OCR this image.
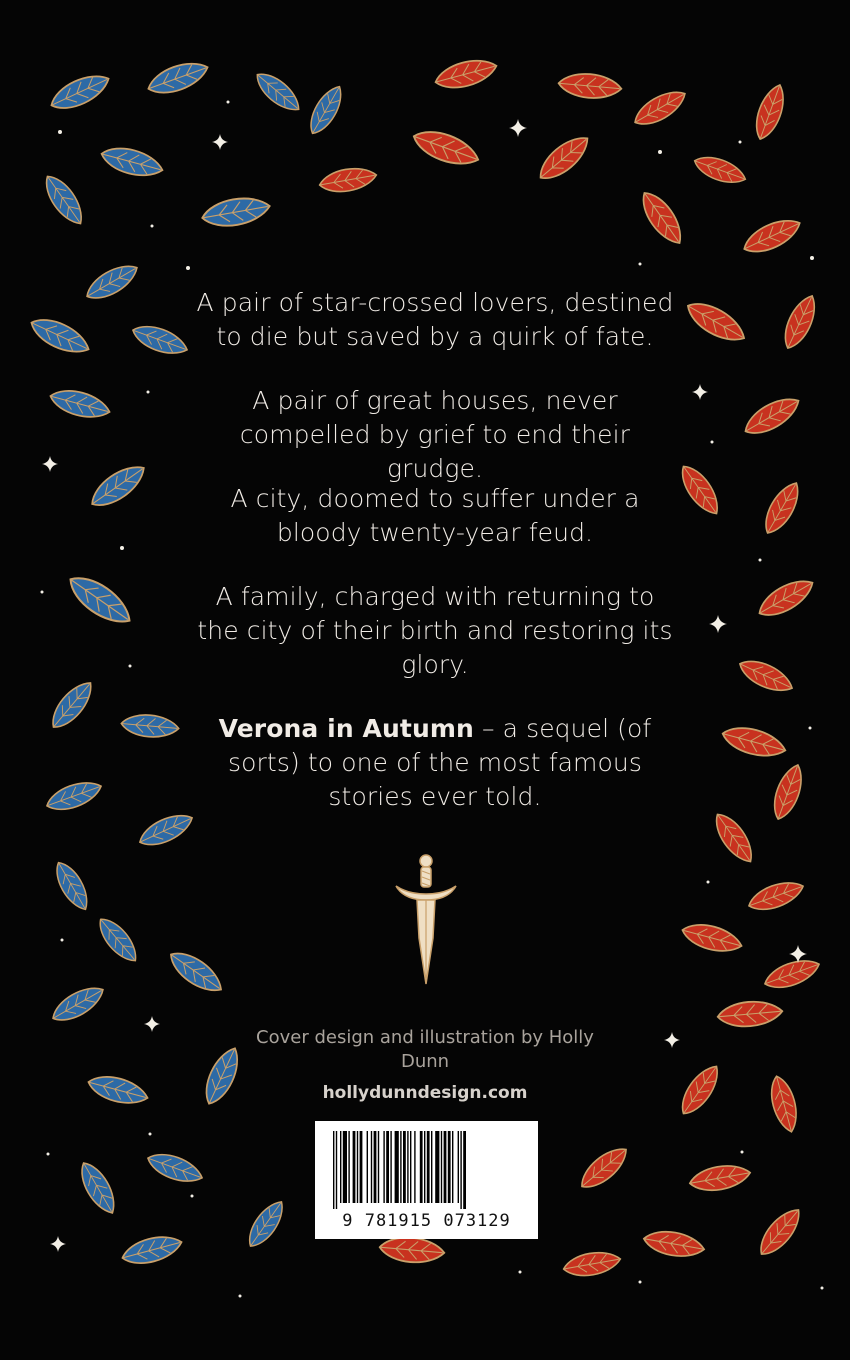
A pair of star-crossed lovers, destined to die but saved by a quirk of fate.

A pair of great houses, never compelled by grief to end their grudge.

A city, doomed to suffer under a bloody twenty-year feud.

A family, charged with returning to the city of their birth and restoring its glory.

Verona in Autumn – a sequel (of sorts) to one of the most famous stories ever told.

Cover design and illustration by Holly Dunn
hollydunndesign.com
9 781915 073129
